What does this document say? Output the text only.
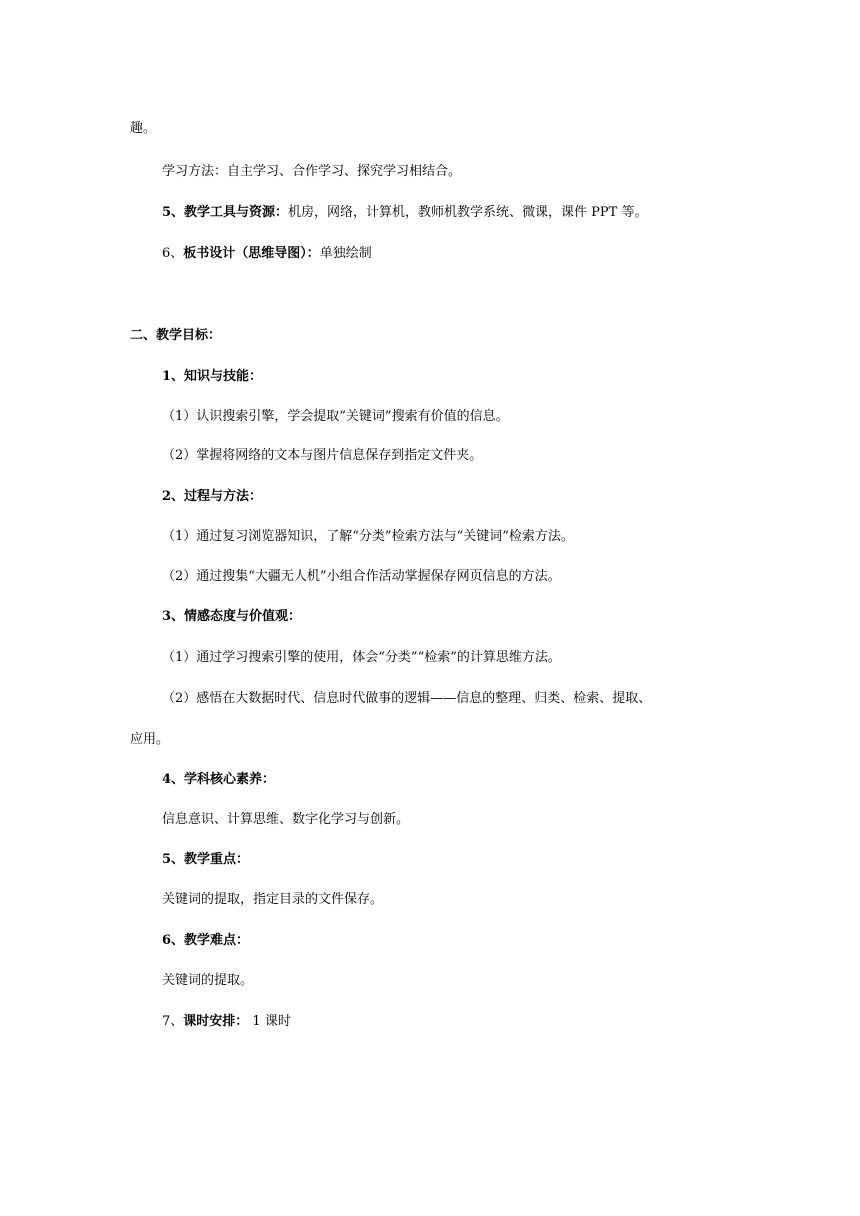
趣。
学习方法：自主学习、合作学习、探究学习相结合。
5、教学工具与资源：机房，网络，计算机，教师机教学系统、微课，课件 PPT 等。
6、板书设计（思维导图）：单独绘制
二、教学目标：
1、知识与技能：
（1）认识搜索引擎，学会提取“关键词”搜索有价值的信息。
（2）掌握将网络的文本与图片信息保存到指定文件夹。
2、过程与方法：
（1）通过复习浏览器知识，了解“分类”检索方法与“关键词”检索方法。
（2）通过搜集“大疆无人机”小组合作活动掌握保存网页信息的方法。
3、情感态度与价值观：
（1）通过学习搜索引擎的使用，体会“分类”“检索”的计算思维方法。
（2）感悟在大数据时代、信息时代做事的逻辑——信息的整理、归类、检索、提取、
应用。
4、学科核心素养：
信息意识、计算思维、数字化学习与创新。
5、教学重点：
关键词的提取，指定目录的文件保存。
6、教学难点：
关键词的提取。
7、课时安排： 1 课时
